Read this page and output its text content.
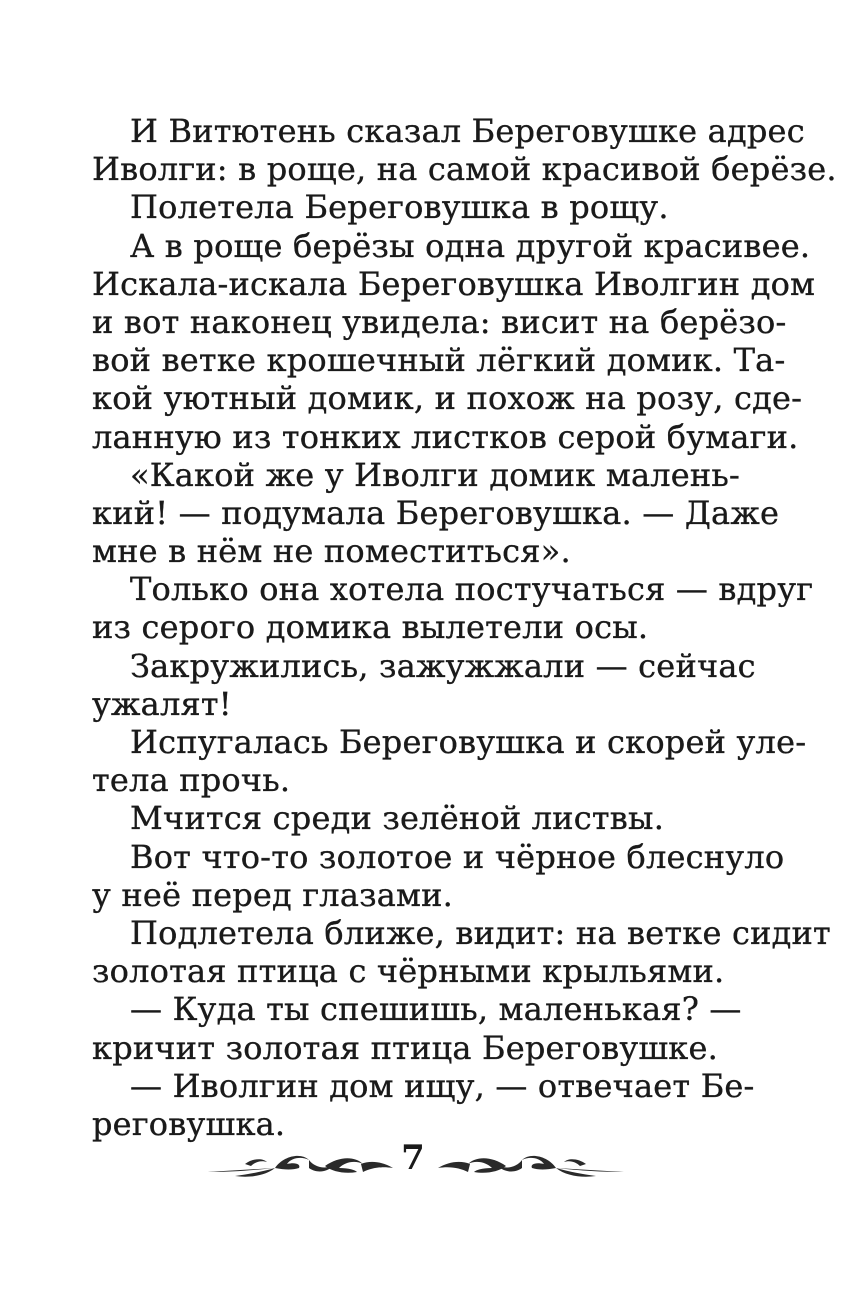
И Витютень сказал Береговушке адрес
Иволги: в роще, на самой красивой берёзе.
Полетела Береговушка в рощу.
А в роще берёзы одна другой красивее.
Искала-искала Береговушка Иволгин дом
и вот наконец увидела: висит на берёзо-
вой ветке крошечный лёгкий домик. Та-
кой уютный домик, и похож на розу, сде-
ланную из тонких листков серой бумаги.
«Какой же у Иволги домик малень-
кий! — подумала Береговушка. — Даже
мне в нём не поместиться».
Только она хотела постучаться — вдруг
из серого домика вылетели осы.
Закружились, зажужжали — сейчас
ужалят!
Испугалась Береговушка и скорей уле-
тела прочь.
Мчится среди зелёной листвы.
Вот что-то золотое и чёрное блеснуло
у неё перед глазами.
Подлетела ближе, видит: на ветке сидит
золотая птица с чёрными крыльями.
— Куда ты спешишь, маленькая? —
кричит золотая птица Береговушке.
— Иволгин дом ищу, — отвечает Бе-
реговушка.
7
